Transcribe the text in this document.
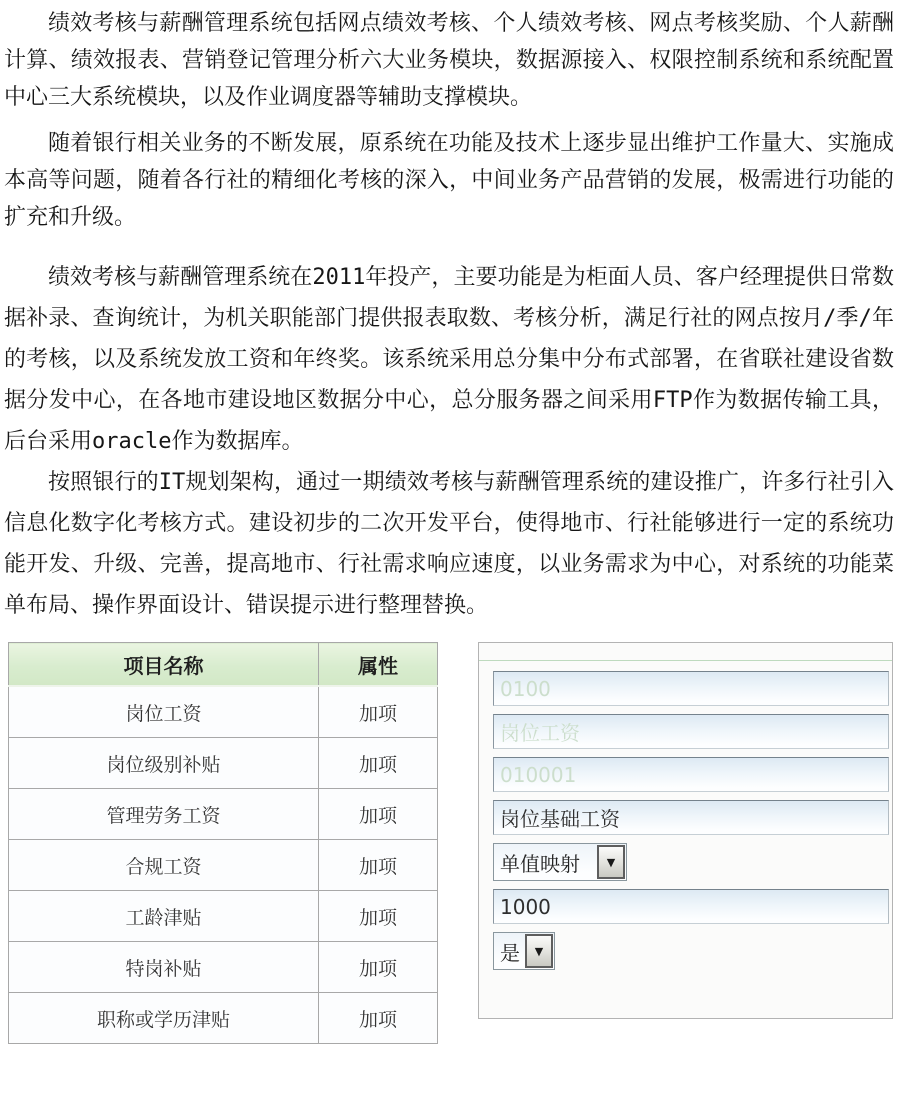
绩效考核与薪酬管理系统包括网点绩效考核、个人绩效考核、网点考核奖励、个人薪酬计算、绩效报表、营销登记管理分析六大业务模块，数据源接入、权限控制系统和系统配置中心三大系统模块，以及作业调度器等辅助支撑模块。

随着银行相关业务的不断发展，原系统在功能及技术上逐步显出维护工作量大、实施成本高等问题，随着各行社的精细化考核的深入，中间业务产品营销的发展，极需进行功能的扩充和升级。

绩效考核与薪酬管理系统在2011年投产，主要功能是为柜面人员、客户经理提供日常数据补录、查询统计，为机关职能部门提供报表取数、考核分析，满足行社的网点按月/季/年的考核，以及系统发放工资和年终奖。该系统采用总分集中分布式部署，在省联社建设省数据分发中心，在各地市建设地区数据分中心，总分服务器之间采用FTP作为数据传输工具，后台采用oracle作为数据库。

按照银行的IT规划架构，通过一期绩效考核与薪酬管理系统的建设推广，许多行社引入信息化数字化考核方式。建设初步的二次开发平台，使得地市、行社能够进行一定的系统功能开发、升级、完善，提高地市、行社需求响应速度，以业务需求为中心，对系统的功能菜单布局、操作界面设计、错误提示进行整理替换。

项目名称	属性
岗位工资	加项
岗位级别补贴	加项
管理劳务工资	加项
合规工资	加项
工龄津贴	加项
特岗补贴	加项
职称或学历津贴	加项
0100
岗位工资
010001
岗位基础工资
单值映射	▼
1000
是	▼
